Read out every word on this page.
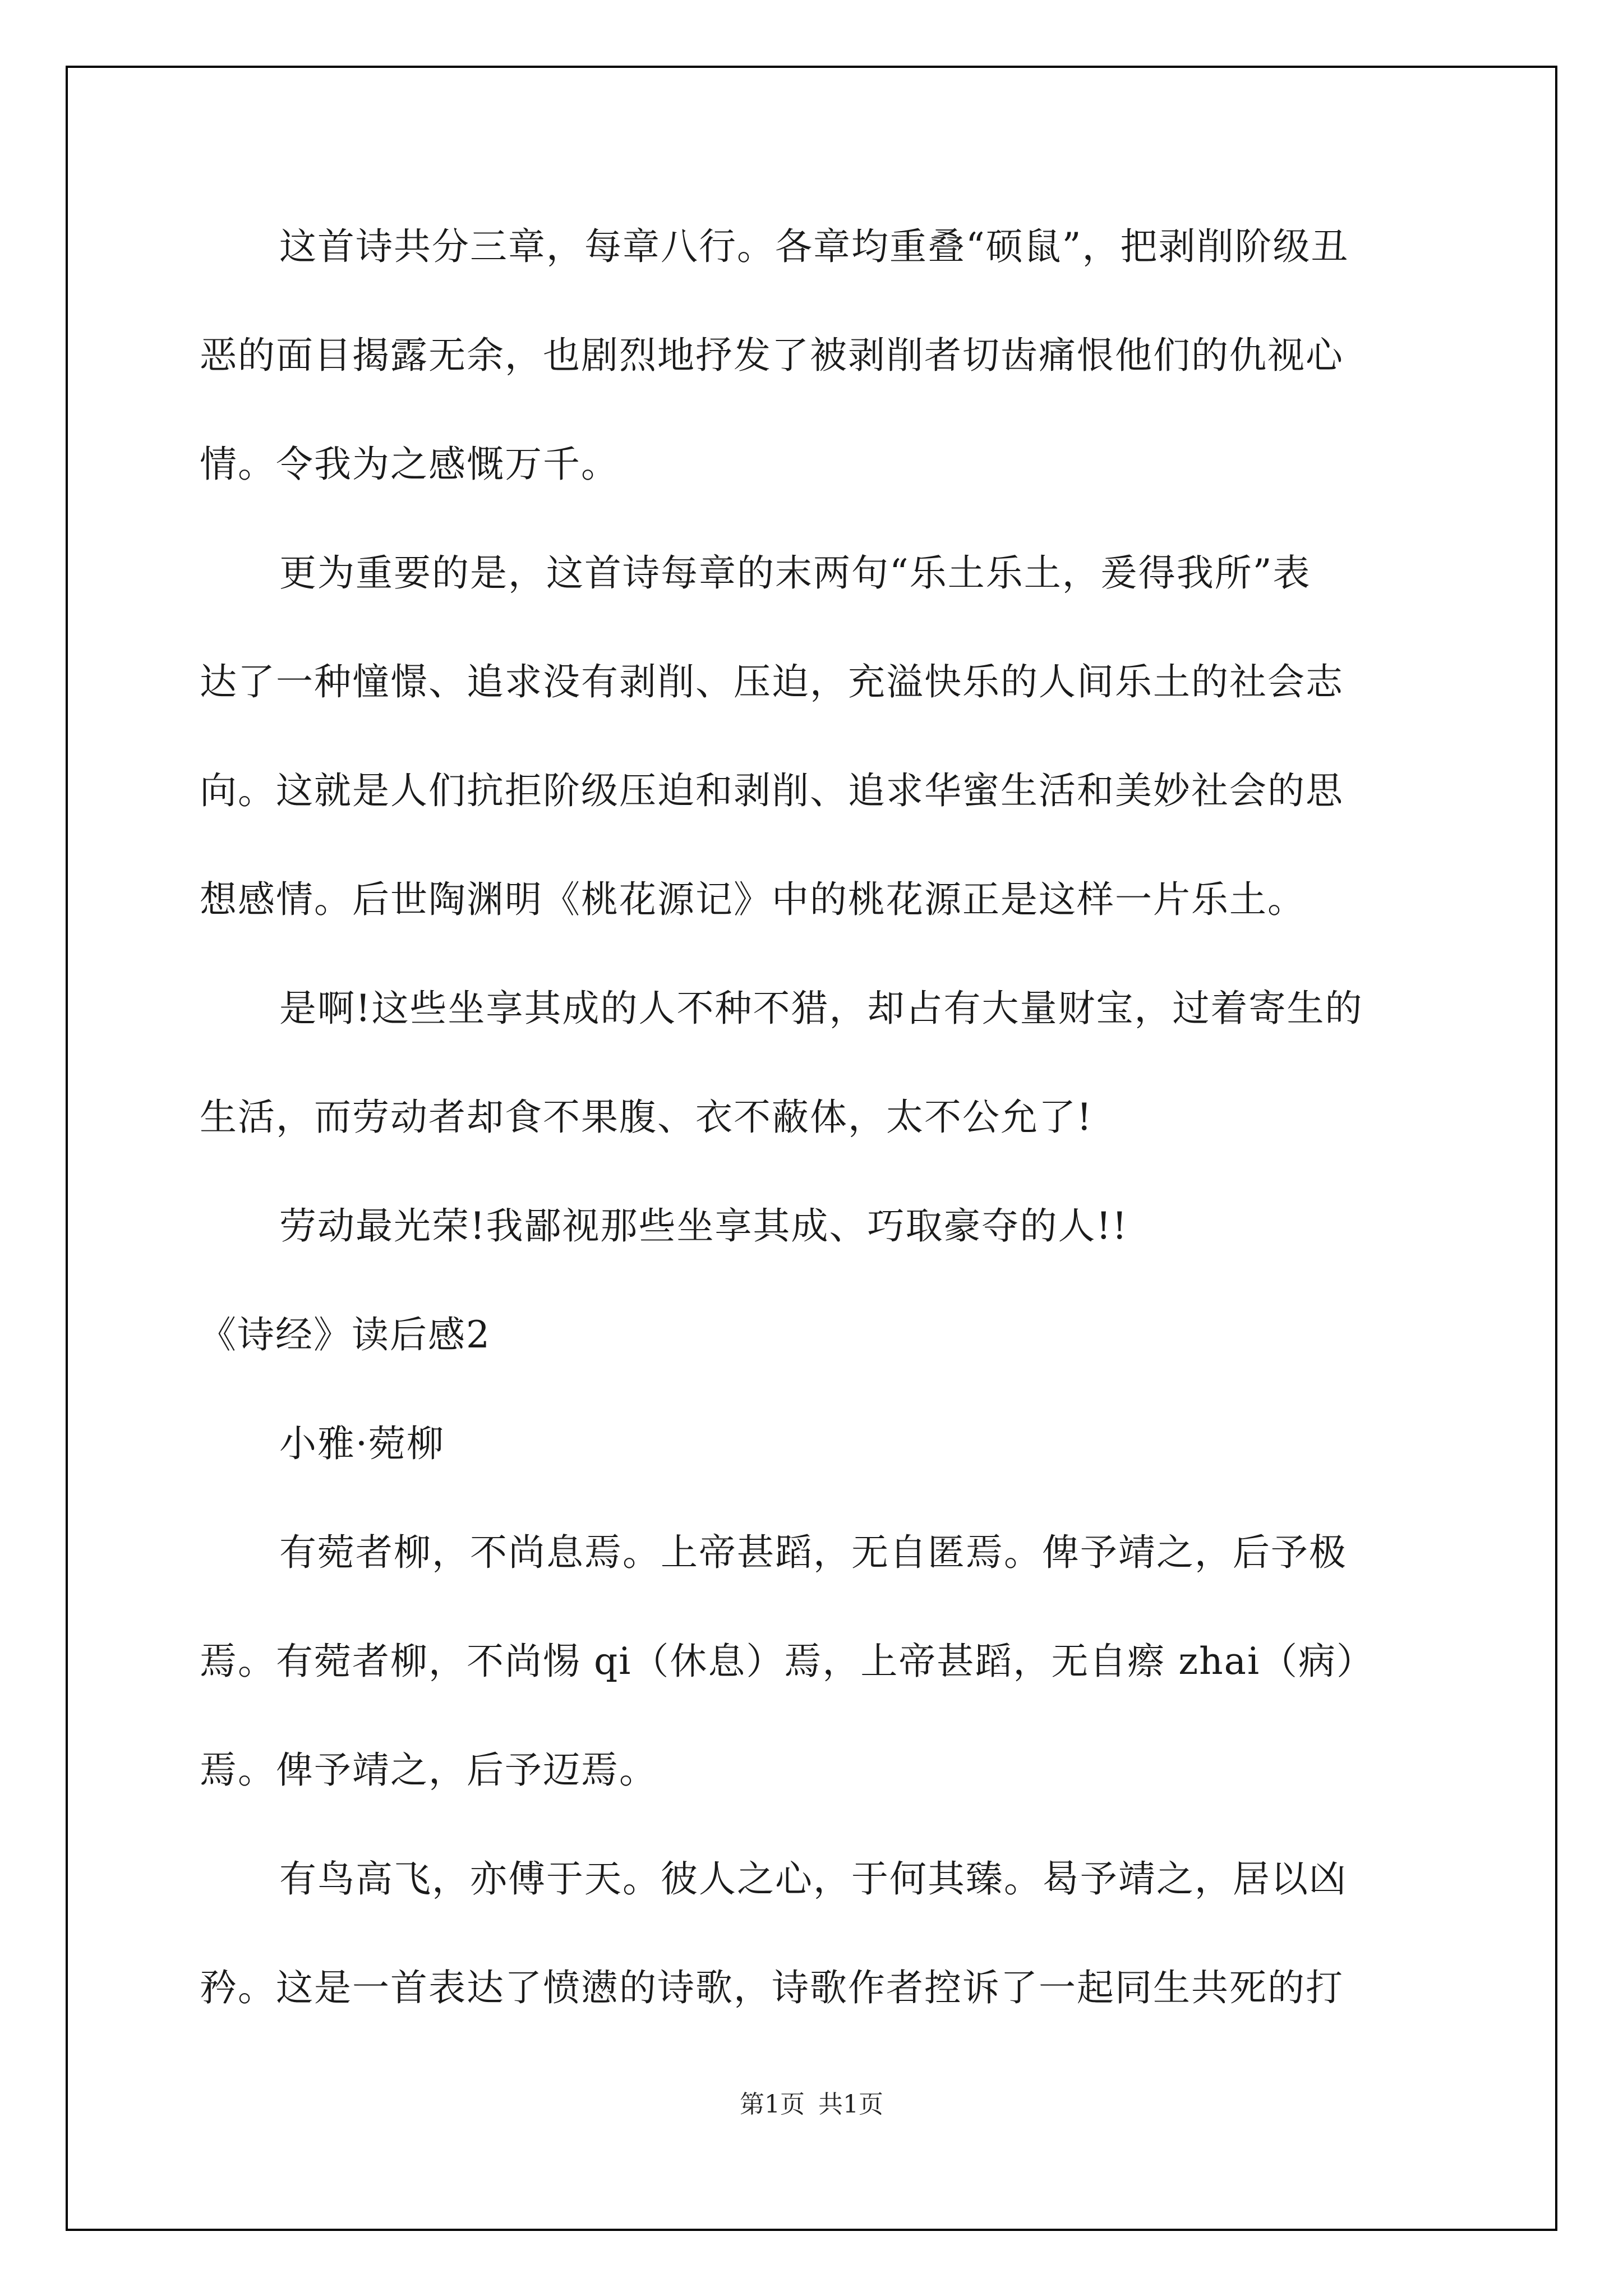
这首诗共分三章，每章八行。各章均重叠“硕鼠”，把剥削阶级丑
恶的面目揭露无余，也剧烈地抒发了被剥削者切齿痛恨他们的仇视心
情。令我为之感慨万千。
更为重要的是，这首诗每章的末两句“乐土乐土，爰得我所”表
达了一种憧憬、追求没有剥削、压迫，充溢快乐的人间乐土的社会志
向。这就是人们抗拒阶级压迫和剥削、追求华蜜生活和美妙社会的思
想感情。后世陶渊明《桃花源记》中的桃花源正是这样一片乐土。
是啊!这些坐享其成的人不种不猎，却占有大量财宝，过着寄生的
生活，而劳动者却食不果腹、衣不蔽体，太不公允了!
劳动最光荣!我鄙视那些坐享其成、巧取豪夺的人!!
《诗经》读后感2
小雅·菀柳
有菀者柳，不尚息焉。上帝甚蹈，无自匿焉。俾予靖之，后予极
焉。有菀者柳，不尚惕 qi（休息）焉，上帝甚蹈，无自瘵 zhai（病）
焉。俾予靖之，后予迈焉。
有鸟高飞，亦傅于天。彼人之心，于何其臻。曷予靖之，居以凶
矜。这是一首表达了愤懑的诗歌，诗歌作者控诉了一起同生共死的打
第1页 共1页
